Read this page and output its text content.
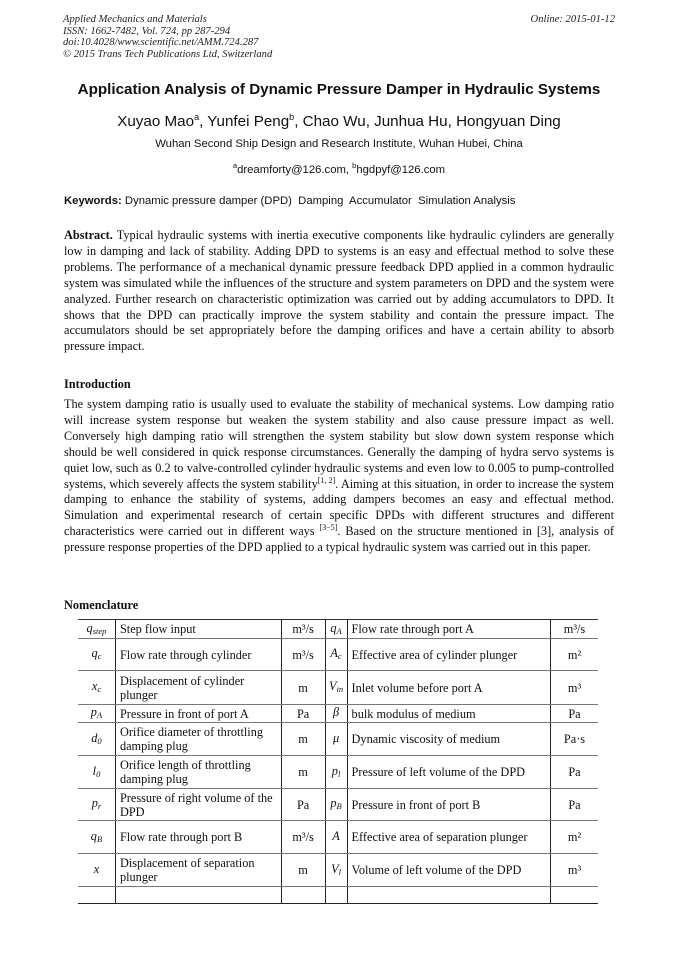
Applied Mechanics and Materials
ISSN: 1662-7482, Vol. 724, pp 287-294
doi:10.4028/www.scientific.net/AMM.724.287
© 2015 Trans Tech Publications Ltd, Switzerland
Online: 2015-01-12
Application Analysis of Dynamic Pressure Damper in Hydraulic Systems
Xuyao Mao$^a$, Yunfei Peng$^b$, Chao Wu, Junhua Hu, Hongyuan Ding
Wuhan Second Ship Design and Research Institute, Wuhan Hubei, China
$^a$dreamforty@126.com, $^b$hgdpyf@126.com
Keywords: Dynamic pressure damper (DPD)  Damping  Accumulator  Simulation Analysis
Abstract. Typical hydraulic systems with inertia executive components like hydraulic cylinders are generally low in damping and lack of stability. Adding DPD to systems is an easy and effectual method to solve these problems. The performance of a mechanical dynamic pressure feedback DPD applied in a common hydraulic system was simulated while the influences of the structure and system parameters on DPD and the system were analyzed. Further research on characteristic optimization was carried out by adding accumulators to DPD. It shows that the DPD can practically improve the system stability and contain the pressure impact. The accumulators should be set appropriately before the damping orifices and have a certain ability to absorb pressure impact.
Introduction
The system damping ratio is usually used to evaluate the stability of mechanical systems. Low damping ratio will increase system response but weaken the system stability and also cause pressure impact as well. Conversely high damping ratio will strengthen the system stability but slow down system response which should be well considered in quick response circumstances. Generally the damping of hydra servo systems is quiet low, such as 0.2 to valve-controlled cylinder hydraulic systems and even low to 0.005 to pump-controlled systems, which severely affects the system stability[1, 2]. Aiming at this situation, in order to increase the system damping to enhance the stability of systems, adding dampers becomes an easy and effectual method. Simulation and experimental research of certain specific DPDs with different structures and different characteristics were carried out in different ways [3−5]. Based on the structure mentioned in [3], analysis of pressure response properties of the DPD applied to a typical hydraulic system was carried out in this paper.
Nomenclature
$q_{step}$	Step flow input	m³/s	$q_A$	Flow rate through port A	m³/s
$q_c$	Flow rate through cylinder	m³/s	$A_c$	Effective area of cylinder plunger	m²
$x_c$	Displacement of cylinder plunger	m	$V_{in}$	Inlet volume before port A	m³
$p_A$	Pressure in front of port A	Pa	β	bulk modulus of medium	Pa
$d_0$	Orifice diameter of throttling damping plug	m	μ	Dynamic viscosity of medium	Pa·s
$l_0$	Orifice length of throttling damping plug	m	$p_l$	Pressure of left volume of the DPD	Pa
$p_r$	Pressure of right volume of the DPD	Pa	$p_B$	Pressure in front of port B	Pa
$q_B$	Flow rate through port B	m³/s	A	Effective area of separation plunger	m²
x	Displacement of separation plunger	m	$V_l$	Volume of left volume of the DPD	m³
